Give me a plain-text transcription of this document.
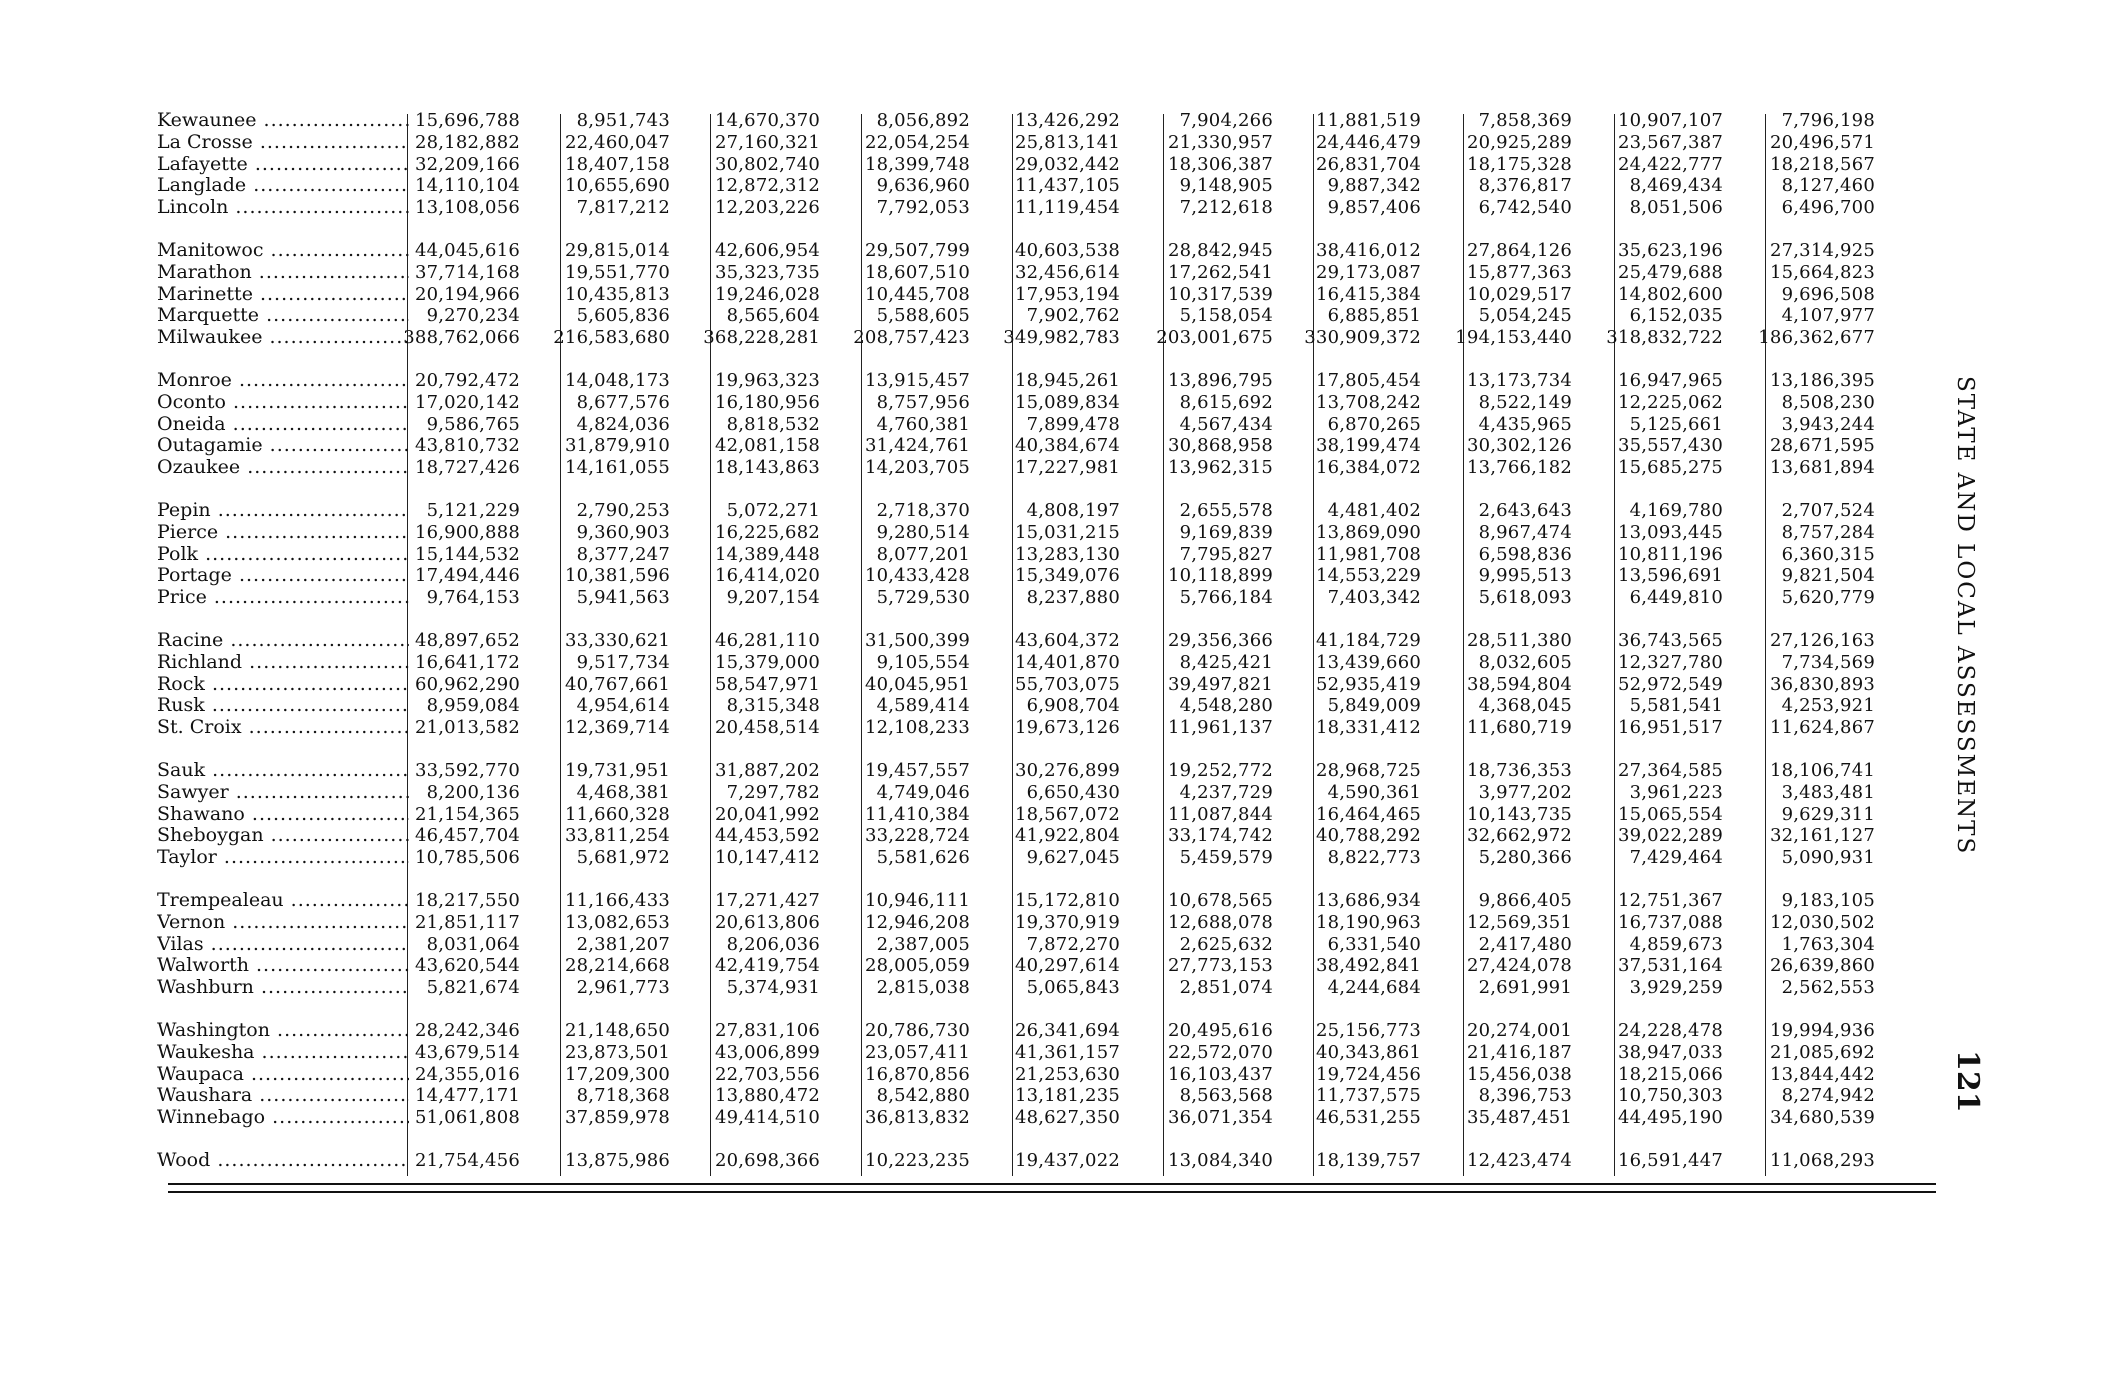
Kewaunee .....	15,696,788	8,951,743	14,670,370	8,056,892	13,426,292	7,904,266	11,881,519	7,858,369	10,907,107	7,796,198
La Crosse .....	28,182,882	22,460,047	27,160,321	22,054,254	25,813,141	21,330,957	24,446,479	20,925,289	23,567,387	20,496,571
Lafayette .....	32,209,166	18,407,158	30,802,740	18,399,748	29,032,442	18,306,387	26,831,704	18,175,328	24,422,777	18,218,567
Langlade .....	14,110,104	10,655,690	12,872,312	9,636,960	11,437,105	9,148,905	9,887,342	8,376,817	8,469,434	8,127,460
Lincoln .....	13,108,056	7,817,212	12,203,226	7,792,053	11,119,454	7,212,618	9,857,406	6,742,540	8,051,506	6,496,700
Manitowoc .....	44,045,616	29,815,014	42,606,954	29,507,799	40,603,538	28,842,945	38,416,012	27,864,126	35,623,196	27,314,925
Marathon .....	37,714,168	19,551,770	35,323,735	18,607,510	32,456,614	17,262,541	29,173,087	15,877,363	25,479,688	15,664,823
Marinette .....	20,194,966	10,435,813	19,246,028	10,445,708	17,953,194	10,317,539	16,415,384	10,029,517	14,802,600	9,696,508
Marquette .....	9,270,234	5,605,836	8,565,604	5,588,605	7,902,762	5,158,054	6,885,851	5,054,245	6,152,035	4,107,977
Milwaukee .....	388,762,066	216,583,680	368,228,281	208,757,423	349,982,783	203,001,675	330,909,372	194,153,440	318,832,722	186,362,677
Monroe .....	20,792,472	14,048,173	19,963,323	13,915,457	18,945,261	13,896,795	17,805,454	13,173,734	16,947,965	13,186,395
Oconto .....	17,020,142	8,677,576	16,180,956	8,757,956	15,089,834	8,615,692	13,708,242	8,522,149	12,225,062	8,508,230
Oneida .....	9,586,765	4,824,036	8,818,532	4,760,381	7,899,478	4,567,434	6,870,265	4,435,965	5,125,661	3,943,244
Outagamie .....	43,810,732	31,879,910	42,081,158	31,424,761	40,384,674	30,868,958	38,199,474	30,302,126	35,557,430	28,671,595
Ozaukee .....	18,727,426	14,161,055	18,143,863	14,203,705	17,227,981	13,962,315	16,384,072	13,766,182	15,685,275	13,681,894
Pepin .....	5,121,229	2,790,253	5,072,271	2,718,370	4,808,197	2,655,578	4,481,402	2,643,643	4,169,780	2,707,524
Pierce .....	16,900,888	9,360,903	16,225,682	9,280,514	15,031,215	9,169,839	13,869,090	8,967,474	13,093,445	8,757,284
Polk .....	15,144,532	8,377,247	14,389,448	8,077,201	13,283,130	7,795,827	11,981,708	6,598,836	10,811,196	6,360,315
Portage .....	17,494,446	10,381,596	16,414,020	10,433,428	15,349,076	10,118,899	14,553,229	9,995,513	13,596,691	9,821,504
Price .....	9,764,153	5,941,563	9,207,154	5,729,530	8,237,880	5,766,184	7,403,342	5,618,093	6,449,810	5,620,779
Racine .....	48,897,652	33,330,621	46,281,110	31,500,399	43,604,372	29,356,366	41,184,729	28,511,380	36,743,565	27,126,163
Richland .....	16,641,172	9,517,734	15,379,000	9,105,554	14,401,870	8,425,421	13,439,660	8,032,605	12,327,780	7,734,569
Rock .....	60,962,290	40,767,661	58,547,971	40,045,951	55,703,075	39,497,821	52,935,419	38,594,804	52,972,549	36,830,893
Rusk .....	8,959,084	4,954,614	8,315,348	4,589,414	6,908,704	4,548,280	5,849,009	4,368,045	5,581,541	4,253,921
St. Croix .....	21,013,582	12,369,714	20,458,514	12,108,233	19,673,126	11,961,137	18,331,412	11,680,719	16,951,517	11,624,867
Sauk .....	33,592,770	19,731,951	31,887,202	19,457,557	30,276,899	19,252,772	28,968,725	18,736,353	27,364,585	18,106,741
Sawyer .....	8,200,136	4,468,381	7,297,782	4,749,046	6,650,430	4,237,729	4,590,361	3,977,202	3,961,223	3,483,481
Shawano .....	21,154,365	11,660,328	20,041,992	11,410,384	18,567,072	11,087,844	16,464,465	10,143,735	15,065,554	9,629,311
Sheboygan .....	46,457,704	33,811,254	44,453,592	33,228,724	41,922,804	33,174,742	40,788,292	32,662,972	39,022,289	32,161,127
Taylor .....	10,785,506	5,681,972	10,147,412	5,581,626	9,627,045	5,459,579	8,822,773	5,280,366	7,429,464	5,090,931
Trempealeau .....	18,217,550	11,166,433	17,271,427	10,946,111	15,172,810	10,678,565	13,686,934	9,866,405	12,751,367	9,183,105
Vernon .....	21,851,117	13,082,653	20,613,806	12,946,208	19,370,919	12,688,078	18,190,963	12,569,351	16,737,088	12,030,502
Vilas .....	8,031,064	2,381,207	8,206,036	2,387,005	7,872,270	2,625,632	6,331,540	2,417,480	4,859,673	1,763,304
Walworth .....	43,620,544	28,214,668	42,419,754	28,005,059	40,297,614	27,773,153	38,492,841	27,424,078	37,531,164	26,639,860
Washburn .....	5,821,674	2,961,773	5,374,931	2,815,038	5,065,843	2,851,074	4,244,684	2,691,991	3,929,259	2,562,553
Washington .....	28,242,346	21,148,650	27,831,106	20,786,730	26,341,694	20,495,616	25,156,773	20,274,001	24,228,478	19,994,936
Waukesha .....	43,679,514	23,873,501	43,006,899	23,057,411	41,361,157	22,572,070	40,343,861	21,416,187	38,947,033	21,085,692
Waupaca .....	24,355,016	17,209,300	22,703,556	16,870,856	21,253,630	16,103,437	19,724,456	15,456,038	18,215,066	13,844,442
Waushara .....	14,477,171	8,718,368	13,880,472	8,542,880	13,181,235	8,563,568	11,737,575	8,396,753	10,750,303	8,274,942
Winnebago .....	51,061,808	37,859,978	49,414,510	36,813,832	48,627,350	36,071,354	46,531,255	35,487,451	44,495,190	34,680,539
Wood .....	21,754,456	13,875,986	20,698,366	10,223,235	19,437,022	13,084,340	18,139,757	12,423,474	16,591,447	11,068,293
STATE AND LOCAL ASSESSMENTS
121
